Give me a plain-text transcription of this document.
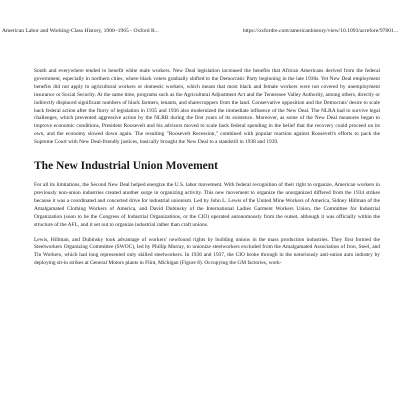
American Labor and Working-Class History, 1900–1965 - Oxford R...	https://oxfordre.com/americanhistory/view/10.1093/acrefore/97801...

South and everywhere tended to benefit white male workers. New Deal legislation increased the benefits that African Americans derived from the federal government, especially in northern cities, where black voters gradually shifted to the Democratic Party beginning in the late 1930s. Yet New Deal employment benefits did not apply to agricultural workers or domestic workers, which meant that most black and female workers were not covered by unemployment insurance or Social Security. At the same time, programs such as the Agricultural Adjustment Act and the Tennessee Valley Authority, among others, directly or indirectly displaced significant numbers of black farmers, tenants, and sharecroppers from the land. Conservative opposition and the Democrats' desire to scale back federal action after the flurry of legislation in 1935 and 1936 also modernized the immediate influence of the New Deal. The NLRA had to survive legal challenges, which prevented aggressive action by the NLRB during the first years of its existence. Moreover, as some of the New Deal measures began to improve economic conditions, President Roosevelt and his advisors moved to scale back federal spending in the belief that the recovery could proceed on its own, and the economy slowed down again. The resulting "Roosevelt Recession," combined with popular reaction against Roosevelt's efforts to pack the Supreme Court with New Deal-friendly justices, basically brought the New Deal to a standstill in 1938 and 1939.

The New Industrial Union Movement

For all its limitations, the Second New Deal helped energize the U.S. labor movement. With federal recognition of their right to organize, American workers in previously non-union industries created another surge in organizing activity. This new movement to organize the unorganized differed from the 1934 strikes because it was a coordinated and concerted drive for industrial unionism. Led by John L. Lewis of the United Mine Workers of America, Sidney Hillman of the Amalgamated Clothing Workers of America, and David Dubinsky of the International Ladies Garment Workers Union, the Committee for Industrial Organization (soon to be the Congress of Industrial Organizations, or the CIO) operated autonomously from the outset, although it was officially within the structure of the AFL, and it set out to organize industrial rather than craft unions.

Lewis, Hillman, and Dubinsky took advantage of workers' newfound rights by building unions in the mass production industries. They first formed the Steelworkers Organizing Committee (SWOC), led by Phillip Murray, to unionize steelworkers excluded from the Amalgamated Association of Iron, Steel, and Tin Workers, which had long represented only skilled steelworkers. In 1936 and 1937, the CIO broke through in the notoriously anti-union auto industry by deploying sit-in strikes at General Motors plants in Flint, Michigan (Figure 8). Occupying the GM factories, work-
